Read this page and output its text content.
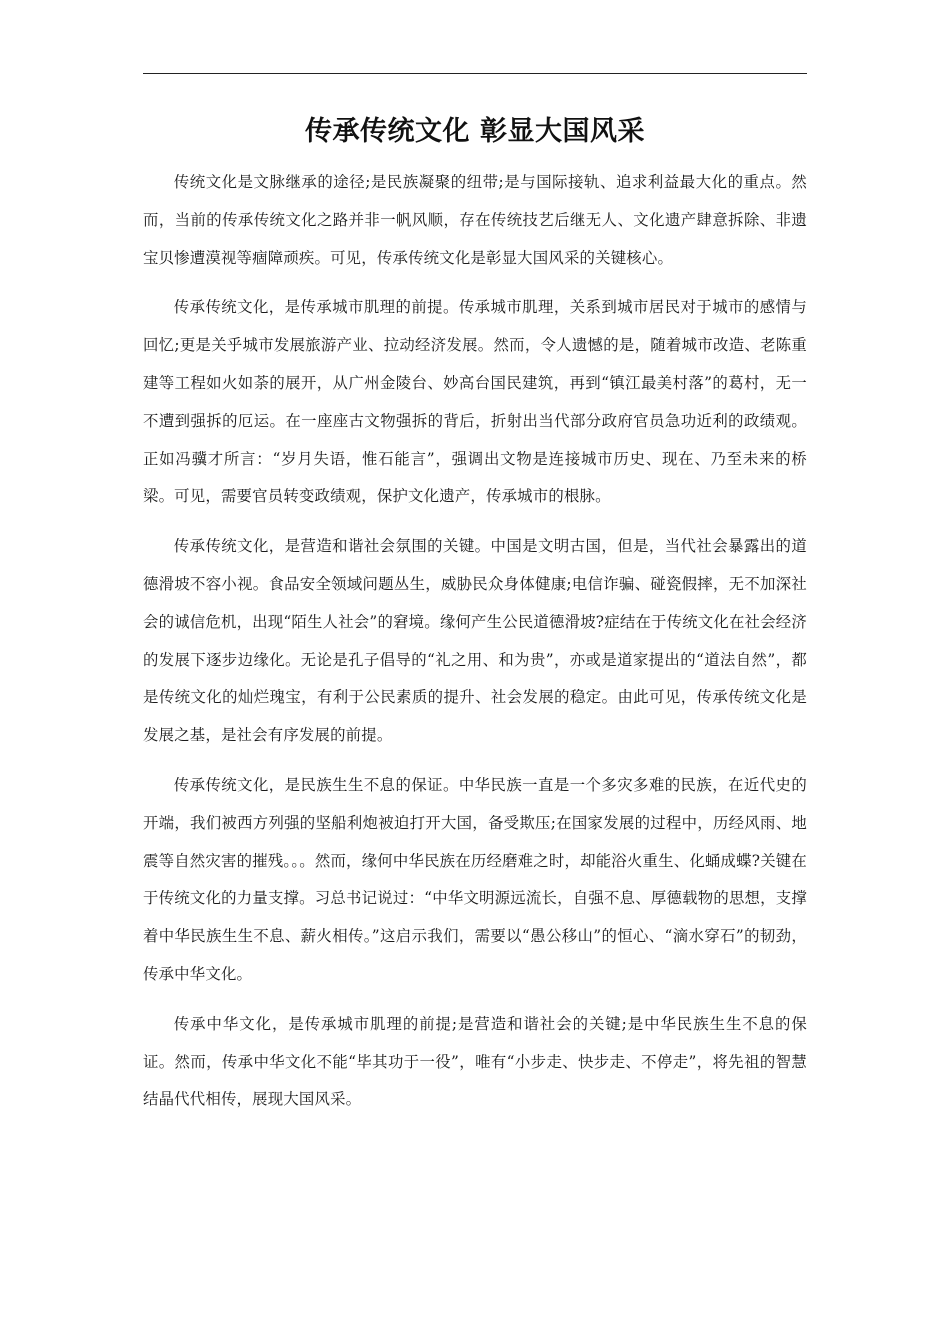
传承传统文化 彰显大国风采

传统文化是文脉继承的途径;是民族凝聚的纽带;是与国际接轨、追求利益最大化的重点。然而，当前的传承传统文化之路并非一帆风顺，存在传统技艺后继无人、文化遗产肆意拆除、非遗宝贝惨遭漠视等痼障顽疾。可见，传承传统文化是彰显大国风采的关键核心。

传承传统文化，是传承城市肌理的前提。传承城市肌理，关系到城市居民对于城市的感情与回忆;更是关乎城市发展旅游产业、拉动经济发展。然而，令人遗憾的是，随着城市改造、老陈重建等工程如火如荼的展开，从广州金陵台、妙高台国民建筑，再到“镇江最美村落”的葛村，无一不遭到强拆的厄运。在一座座古文物强拆的背后，折射出当代部分政府官员急功近利的政绩观。正如冯骥才所言：“岁月失语，惟石能言”，强调出文物是连接城市历史、现在、乃至未来的桥梁。可见，需要官员转变政绩观，保护文化遗产，传承城市的根脉。

传承传统文化，是营造和谐社会氛围的关键。中国是文明古国，但是，当代社会暴露出的道德滑坡不容小视。食品安全领域问题丛生，威胁民众身体健康;电信诈骗、碰瓷假摔，无不加深社会的诚信危机，出现“陌生人社会”的窘境。缘何产生公民道德滑坡?症结在于传统文化在社会经济的发展下逐步边缘化。无论是孔子倡导的“礼之用、和为贵”，亦或是道家提出的“道法自然”，都是传统文化的灿烂瑰宝，有利于公民素质的提升、社会发展的稳定。由此可见，传承传统文化是发展之基，是社会有序发展的前提。

传承传统文化，是民族生生不息的保证。中华民族一直是一个多灾多难的民族，在近代史的开端，我们被西方列强的坚船利炮被迫打开大国，备受欺压;在国家发展的过程中，历经风雨、地震等自然灾害的摧残。。。然而，缘何中华民族在历经磨难之时，却能浴火重生、化蛹成蝶?关键在于传统文化的力量支撑。习总书记说过：“中华文明源远流长，自强不息、厚德载物的思想，支撑着中华民族生生不息、薪火相传。”这启示我们，需要以“愚公移山”的恒心、“滴水穿石”的韧劲，传承中华文化。

传承中华文化，是传承城市肌理的前提;是营造和谐社会的关键;是中华民族生生不息的保证。然而，传承中华文化不能“毕其功于一役”，唯有“小步走、快步走、不停走”，将先祖的智慧结晶代代相传，展现大国风采。
